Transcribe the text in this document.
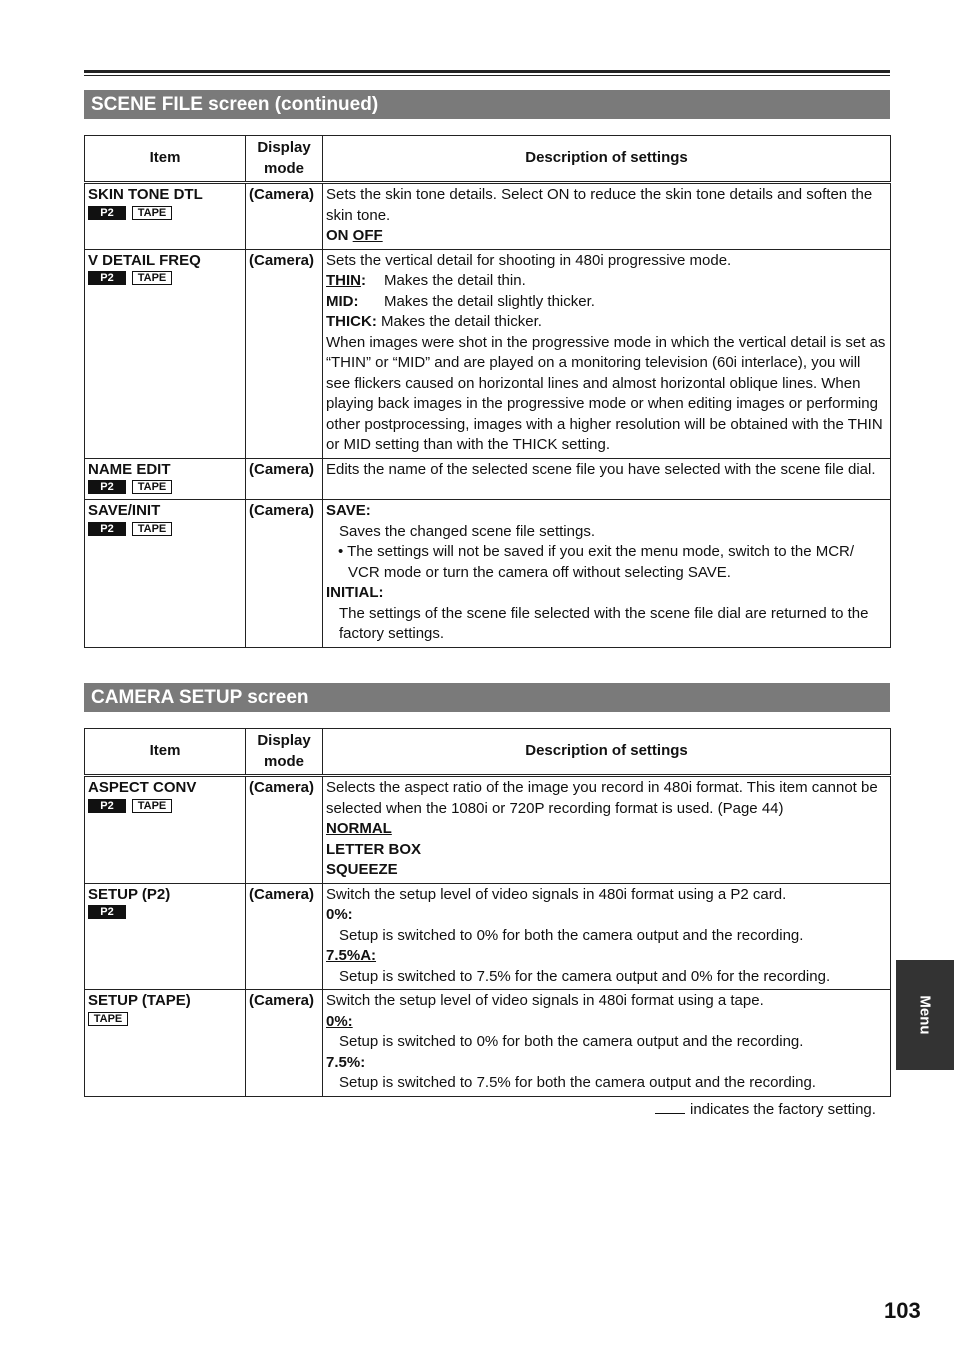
SCENE FILE screen (continued)
Item	Display
mode	Description of settings

SKIN TONE DTL
P2 TAPE	(Camera)	Sets the skin tone details. Select ON to reduce the skin tone details and soften the skin tone.
ON OFF

V DETAIL FREQ
P2 TAPE	(Camera)	Sets the vertical detail for shooting in 480i progressive mode.

THIN: Makes the detail thin.
MID: Makes the detail slightly thicker.
THICK: Makes the detail thicker.
When images were shot in the progressive mode in which the vertical detail is set as “THIN” or “MID” and are played on a monitoring television (60i interlace), you will see flickers caused on horizontal lines and almost horizontal oblique lines. When playing back images in the progressive mode or when editing images or performing other postprocessing, images with a higher resolution will be obtained with the THIN or MID setting than with the THICK setting.

NAME EDIT
P2 TAPE	(Camera)	Edits the name of the selected scene file you have selected with the scene file dial.

SAVE/INIT
P2 TAPE	(Camera)	SAVE:
Saves the changed scene file settings.
• The settings will not be saved if you exit the menu mode, switch to the MCR/ VCR mode or turn the camera off without selecting SAVE.
INITIAL:
The settings of the scene file selected with the scene file dial are returned to the factory settings.
CAMERA SETUP screen
Item	Display
mode	Description of settings

ASPECT CONV
P2 TAPE	(Camera)	Selects the aspect ratio of the image you record in 480i format. This item cannot be selected when the 1080i or 720P recording format is used. (Page 44)

NORMAL
LETTER BOX
SQUEEZE

SETUP (P2)
P2	(Camera)	Switch the setup level of video signals in 480i format using a P2 card.

0%:
Setup is switched to 0% for both the camera output and the recording.
7.5%A:
Setup is switched to 7.5% for the camera output and 0% for the recording.

SETUP (TAPE)
TAPE	(Camera)	Switch the setup level of video signals in 480i format using a tape.

0%:
Setup is switched to 0% for both the camera output and the recording.
7.5%:
Setup is switched to 7.5% for both the camera output and the recording.
indicates the factory setting.
Menu
103
